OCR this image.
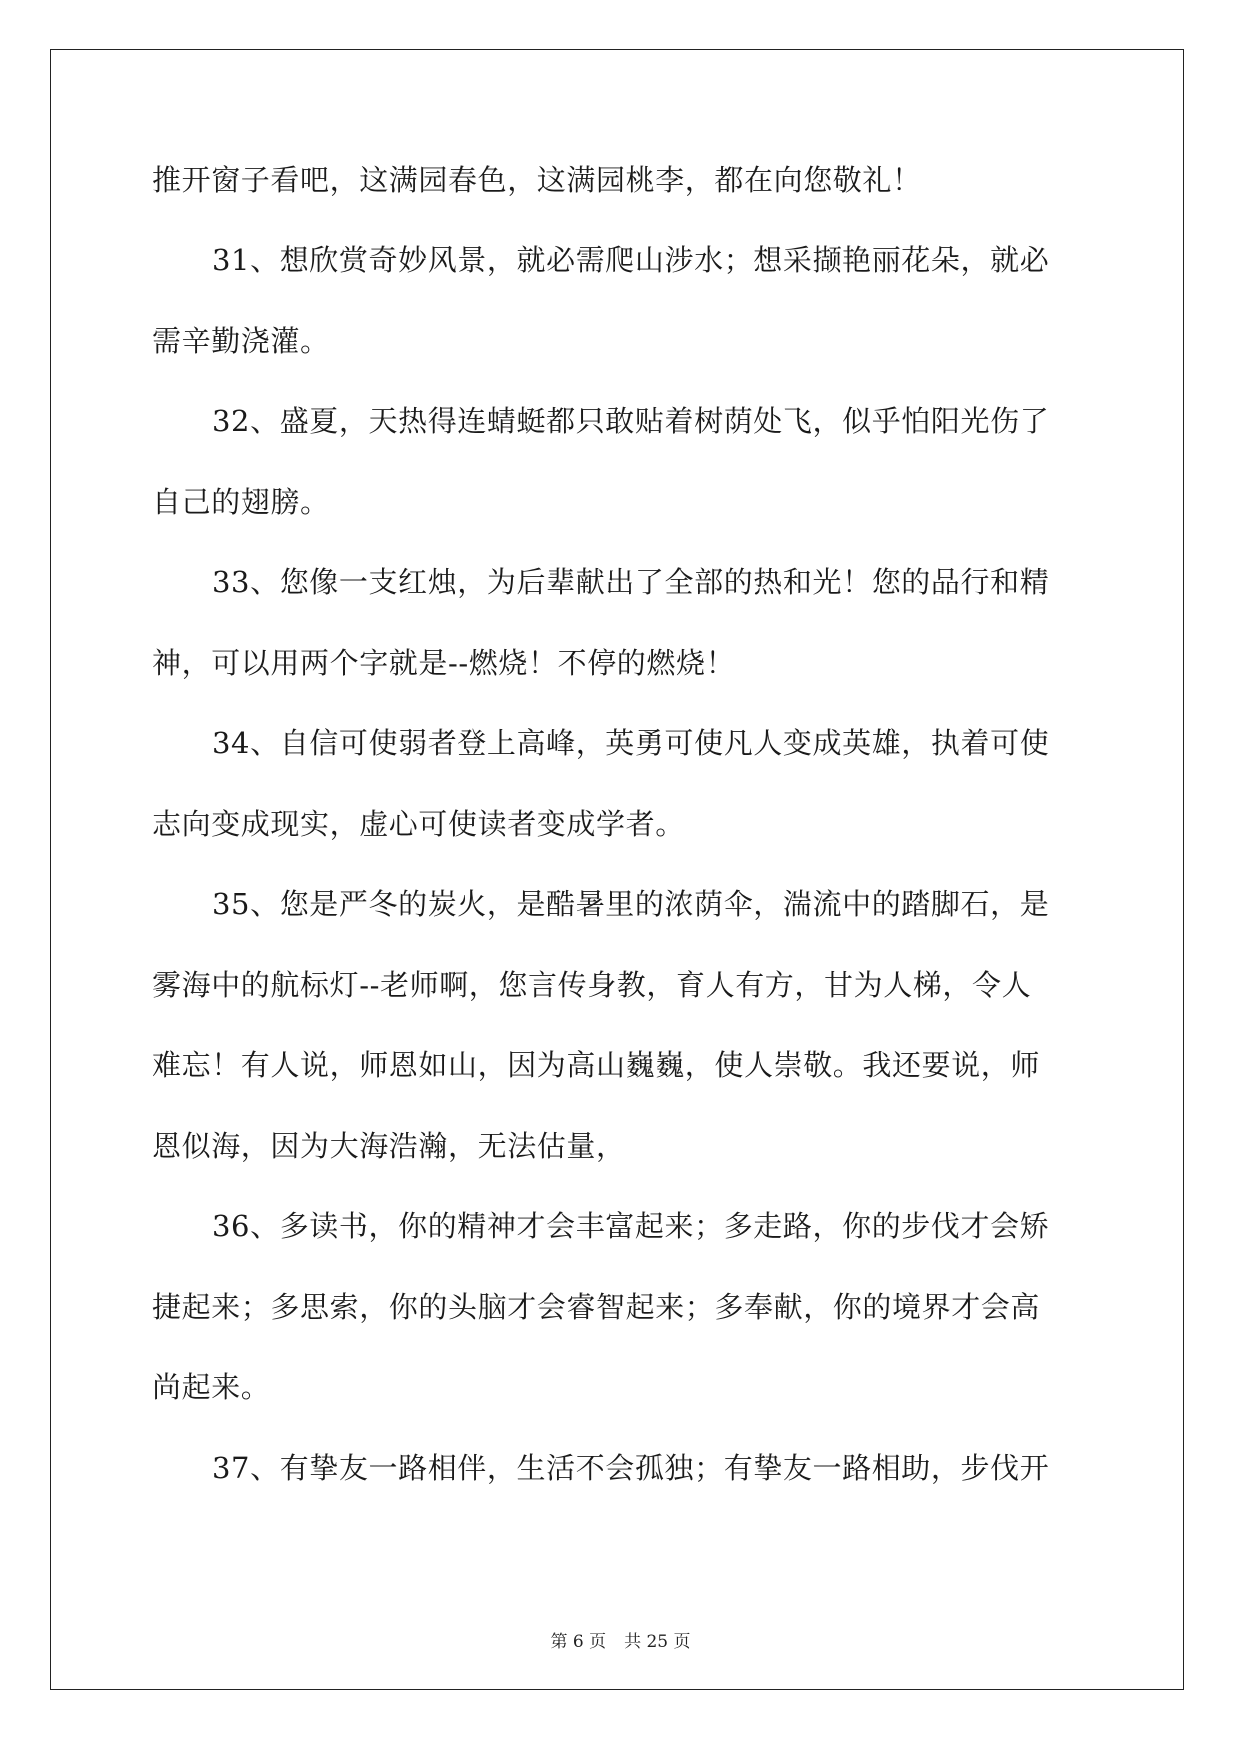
推开窗子看吧，这满园春色，这满园桃李，都在向您敬礼！
31、想欣赏奇妙风景，就必需爬山涉水；想采撷艳丽花朵，就必
需辛勤浇灌。
32、盛夏，天热得连蜻蜓都只敢贴着树荫处飞，似乎怕阳光伤了
自己的翅膀。
33、您像一支红烛，为后辈献出了全部的热和光！您的品行和精
神，可以用两个字就是--燃烧！不停的燃烧！
34、自信可使弱者登上高峰，英勇可使凡人变成英雄，执着可使
志向变成现实，虚心可使读者变成学者。
35、您是严冬的炭火，是酷暑里的浓荫伞，湍流中的踏脚石，是
雾海中的航标灯--老师啊，您言传身教，育人有方，甘为人梯，令人
难忘！有人说，师恩如山，因为高山巍巍，使人崇敬。我还要说，师
恩似海，因为大海浩瀚，无法估量，
36、多读书，你的精神才会丰富起来；多走路，你的步伐才会矫
捷起来；多思索，你的头脑才会睿智起来；多奉献，你的境界才会高
尚起来。
37、有挚友一路相伴，生活不会孤独；有挚友一路相助，步伐开
第 6 页 共 25 页
